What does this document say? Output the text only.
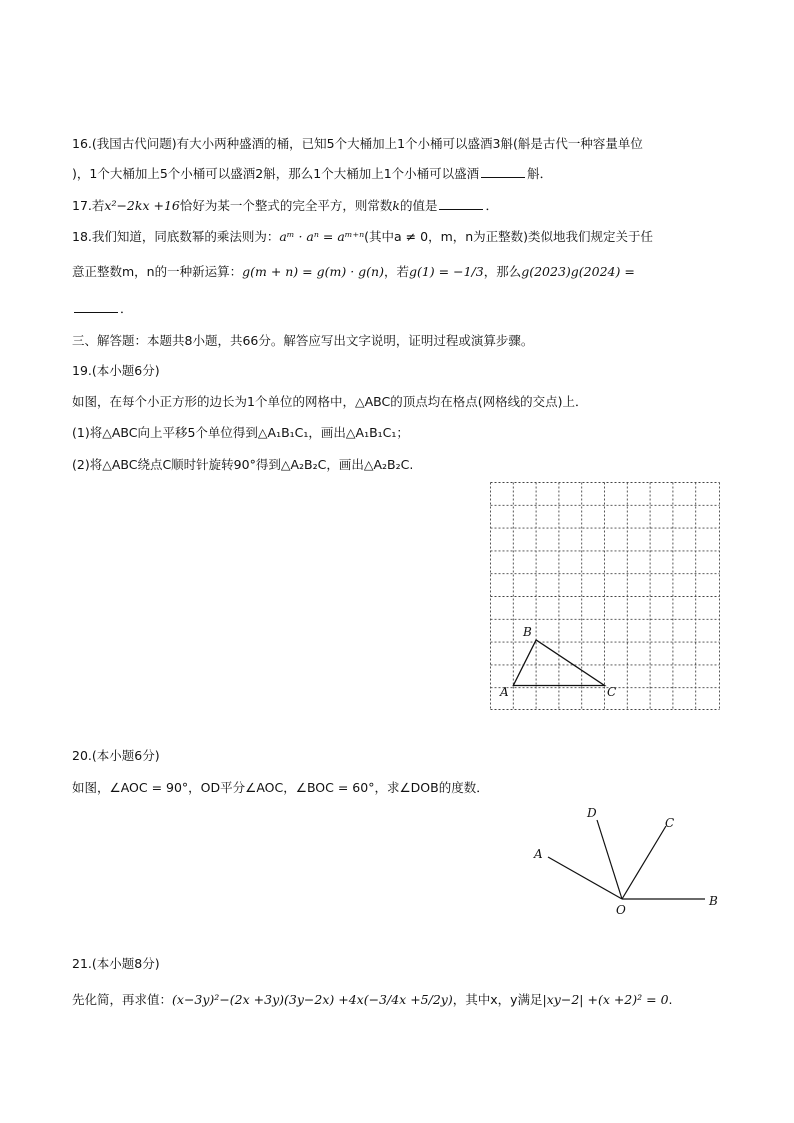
16.(我国古代问题)有大小两种盛酒的桶，已知5个大桶加上1个小桶可以盛酒3斛(斛是古代一种容量单位
)，1个大桶加上5个小桶可以盛酒2斛，那么1个大桶加上1个小桶可以盛酒	斛．
17.若x²−2kx +16恰好为某一个整式的完全平方，则常数k的值是	．
18.我们知道，同底数幂的乘法则为：aᵐ · aⁿ = aᵐ⁺ⁿ(其中a ≠ 0，m，n为正整数)类似地我们规定关于任
意正整数m，n的一种新运算：g(m + n) = g(m) · g(n)，若g(1) = −1/3，那么g(2023)g(2024) =
．
三、解答题：本题共8小题，共66分。解答应写出文字说明，证明过程或演算步骤。
19.(本小题6分)
如图，在每个小正方形的边长为1个单位的网格中，△ABC的顶点均在格点(网格线的交点)上．
(1)将△ABC向上平移5个单位得到△A₁B₁C₁，画出△A₁B₁C₁；
(2)将△ABC绕点C顺时针旋转90°得到△A₂B₂C，画出△A₂B₂C.
A
B
C
20.(本小题6分)
如图，∠AOC = 90°，OD平分∠AOC，∠BOC = 60°，求∠DOB的度数．
A
D
C
B
O
21.(本小题8分)
先化简，再求值：(x−3y)²−(2x +3y)(3y−2x) +4x(−3/4x +5/2y)，其中x，y满足|xy−2| +(x +2)² = 0.
